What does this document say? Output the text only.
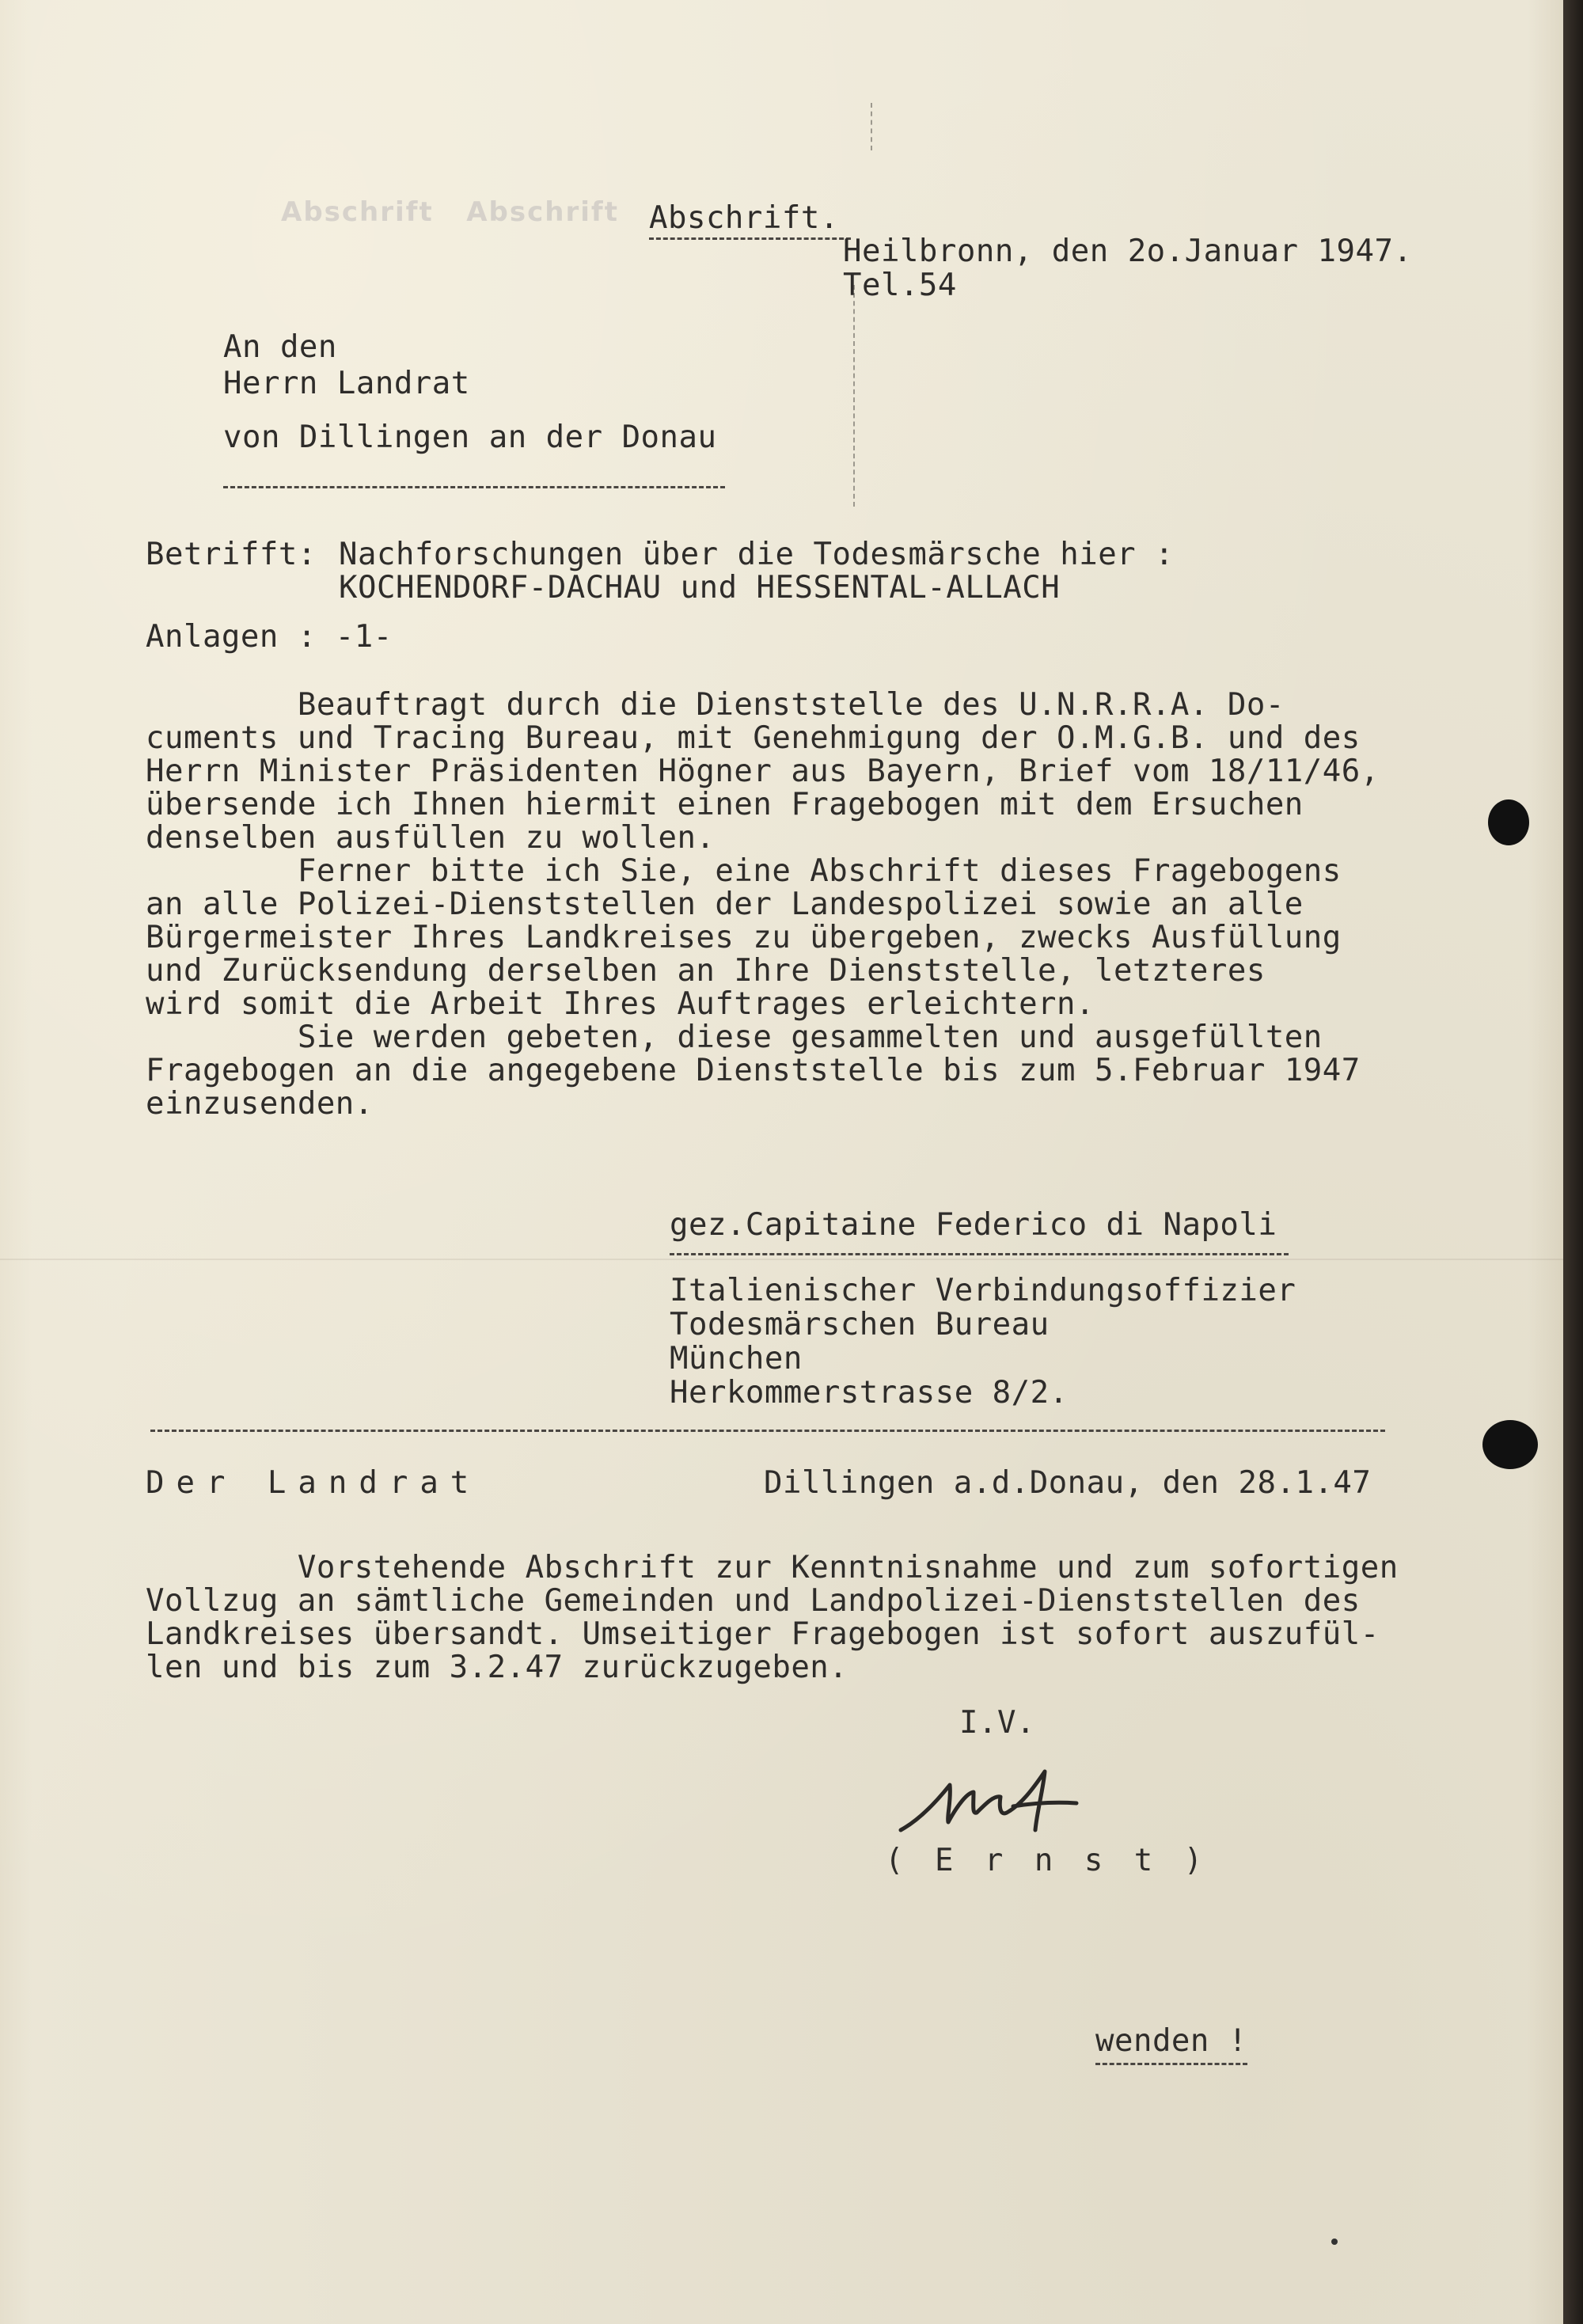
Abschrift   Abschrift Abschrift.
Heilbronn, den 2o.Januar 1947.
Tel.54
An den
Herrn Landrat
von Dillingen an der Donau
Betrifft: Nachforschungen über die Todesmärsche hier :
KOCHENDORF-DACHAU und HESSENTAL-ALLACH
Anlagen : -1-
Beauftragt durch die Dienststelle des U.N.R.R.A. Do-
cuments und Tracing Bureau, mit Genehmigung der O.M.G.B. und des
Herrn Minister Präsidenten Högner aus Bayern, Brief vom 18/11/46,
übersende ich Ihnen hiermit einen Fragebogen mit dem Ersuchen
denselben ausfüllen zu wollen.
Ferner bitte ich Sie, eine Abschrift dieses Fragebogens
an alle Polizei-Dienststellen der Landespolizei sowie an alle
Bürgermeister Ihres Landkreises zu übergeben, zwecks Ausfüllung
und Zurücksendung derselben an Ihre Dienststelle, letzteres
wird somit die Arbeit Ihres Auftrages erleichtern.
Sie werden gebeten, diese gesammelten und ausgefüllten
Fragebogen an die angegebene Dienststelle bis zum 5.Februar 1947
einzusenden.
gez.Capitaine Federico di Napoli
Italienischer Verbindungsoffizier
Todesmärschen Bureau
München
Herkommerstrasse 8/2.
Der Landrat	Dillingen a.d.Donau, den 28.1.47
Vorstehende Abschrift zur Kenntnisnahme und zum sofortigen
Vollzug an sämtliche Gemeinden und Landpolizei-Dienststellen des
Landkreises übersandt. Umseitiger Fragebogen ist sofort auszufül-
len und bis zum 3.2.47 zurückzugeben.
I.V.
( E r n s t )
wenden !
